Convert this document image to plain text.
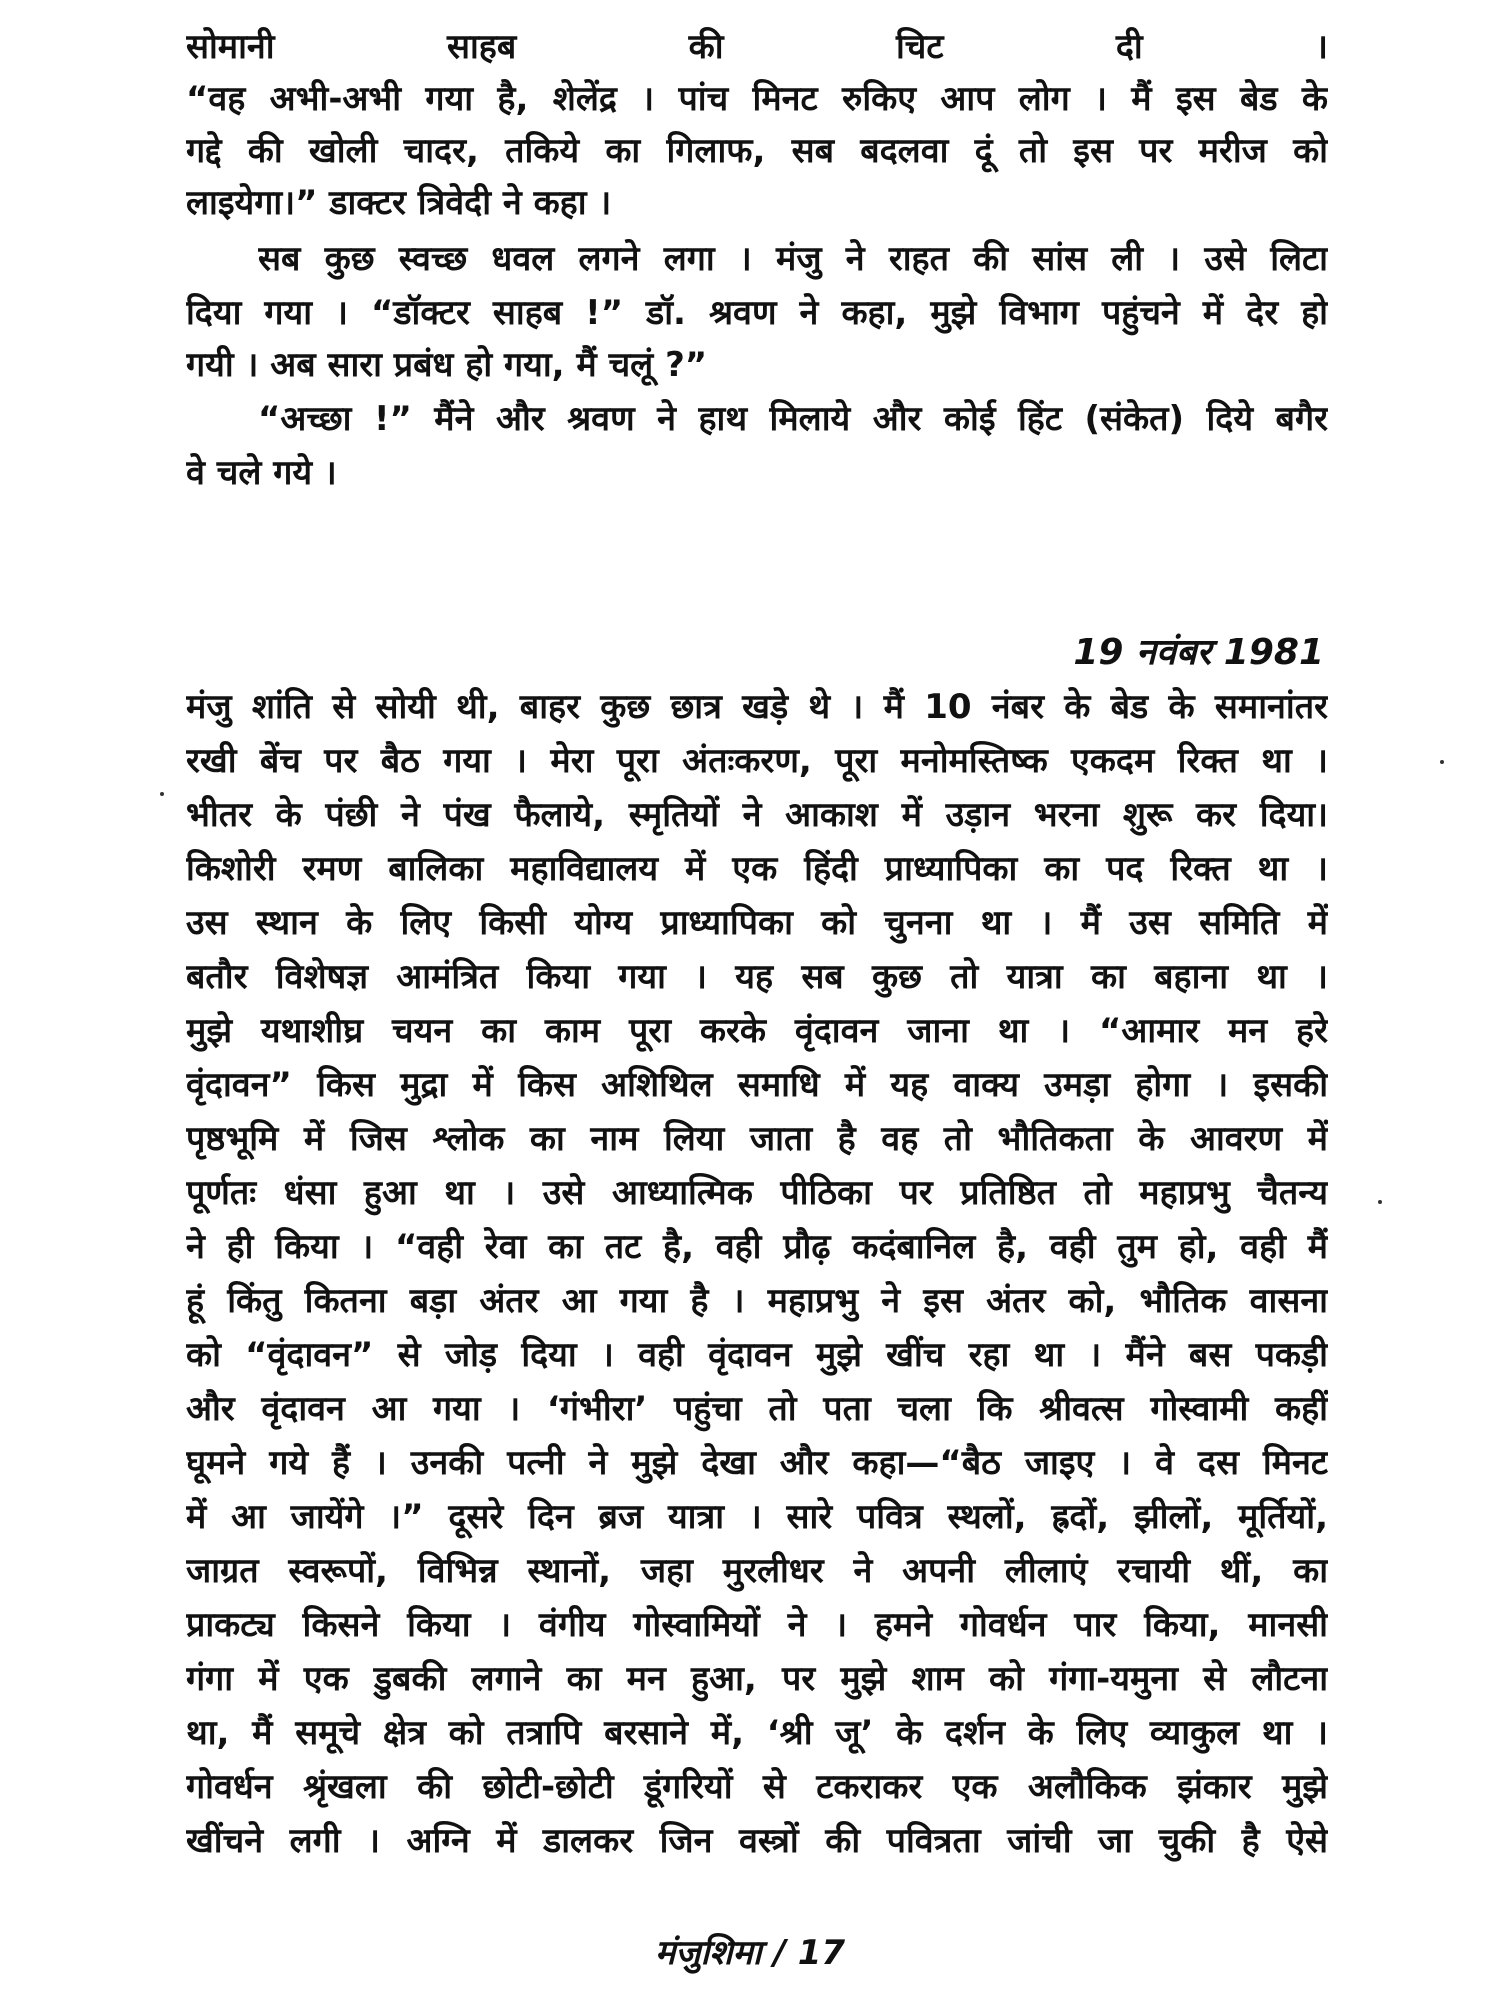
सोमानी साहब की चिट दी ।

“वह अभी-अभी गया है, शेलेंद्र । पांच मिनट रुकिए आप लोग । मैं इस बेड के

गद्दे की खोली चादर, तकिये का गिलाफ, सब बदलवा दूं तो इस पर मरीज को

लाइयेगा।” डाक्टर त्रिवेदी ने कहा ।

सब कुछ स्वच्छ धवल लगने लगा । मंजु ने राहत की सांस ली । उसे लिटा

दिया गया । “डॉक्टर साहब !” डॉ. श्रवण ने कहा, मुझे विभाग पहुंचने में देर हो

गयी । अब सारा प्रबंध हो गया, मैं चलूं ?”

“अच्छा !” मैंने और श्रवण ने हाथ मिलाये और कोई हिंट (संकेत) दिये बगैर

वे चले गये ।

19 नवंबर 1981

मंजु शांति से सोयी थी, बाहर कुछ छात्र खड़े थे । मैं 10 नंबर के बेड के समानांतर

रखी बेंच पर बैठ गया । मेरा पूरा अंतःकरण, पूरा मनोमस्तिष्क एकदम रिक्त था ।

भीतर के पंछी ने पंख फैलाये, स्मृतियों ने आकाश में उड़ान भरना शुरू कर दिया।

किशोरी रमण बालिका महाविद्यालय में एक हिंदी प्राध्यापिका का पद रिक्त था ।

उस स्थान के लिए किसी योग्य प्राध्यापिका को चुनना था । मैं उस समिति में

बतौर विशेषज्ञ आमंत्रित किया गया । यह सब कुछ तो यात्रा का बहाना था ।

मुझे यथाशीघ्र चयन का काम पूरा करके वृंदावन जाना था । “आमार मन हरे

वृंदावन” किस मुद्रा में किस अशिथिल समाधि में यह वाक्य उमड़ा होगा । इसकी

पृष्ठभूमि में जिस श्लोक का नाम लिया जाता है वह तो भौतिकता के आवरण में

पूर्णतः धंसा हुआ था । उसे आध्यात्मिक पीठिका पर प्रतिष्ठित तो महाप्रभु चैतन्य

ने ही किया । “वही रेवा का तट है, वही प्रौढ़ कदंबानिल है, वही तुम हो, वही मैं

हूं किंतु कितना बड़ा अंतर आ गया है । महाप्रभु ने इस अंतर को, भौतिक वासना

को “वृंदावन” से जोड़ दिया । वही वृंदावन मुझे खींच रहा था । मैंने बस पकड़ी

और वृंदावन आ गया । ‘गंभीरा’ पहुंचा तो पता चला कि श्रीवत्स गोस्वामी कहीं

घूमने गये हैं । उनकी पत्नी ने मुझे देखा और कहा—“बैठ जाइए । वे दस मिनट

में आ जायेंगे ।” दूसरे दिन ब्रज यात्रा । सारे पवित्र स्थलों, ह्रदों, झीलों, मूर्तियों,

जाग्रत स्वरूपों, विभिन्न स्थानों, जहा मुरलीधर ने अपनी लीलाएं रचायी थीं, का

प्राकट्य किसने किया । वंगीय गोस्वामियों ने । हमने गोवर्धन पार किया, मानसी

गंगा में एक डुबकी लगाने का मन हुआ, पर मुझे शाम को गंगा-यमुना से लौटना

था, मैं समूचे क्षेत्र को तत्रापि बरसाने में, ‘श्री जू’ के दर्शन के लिए व्याकुल था ।

गोवर्धन श्रृंखला की छोटी-छोटी डूंगरियों से टकराकर एक अलौकिक झंकार मुझे

खींचने लगी । अग्नि में डालकर जिन वस्त्रों की पवित्रता जांची जा चुकी है ऐसे

मंजुशिमा / 17
